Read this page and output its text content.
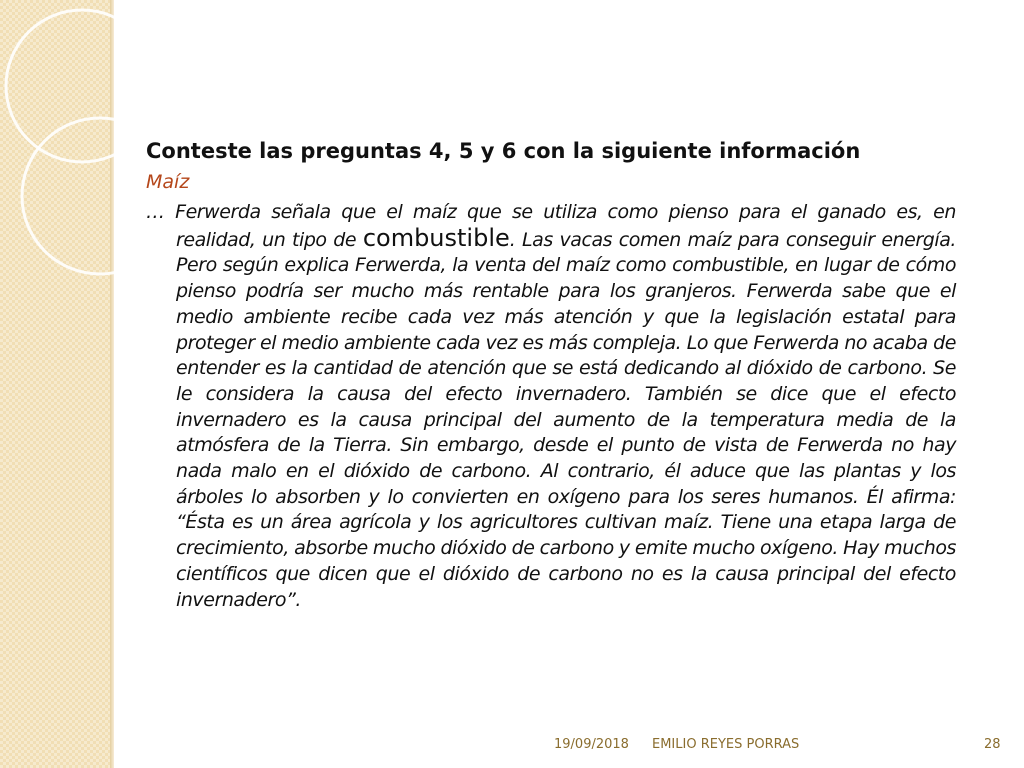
Conteste las preguntas 4, 5 y 6 con la siguiente información

Maíz

… Ferwerda señala que el maíz que se utiliza como pienso para el ganado es, en realidad, un tipo de combustible. Las vacas comen maíz para conseguir energía. Pero según explica Ferwerda, la venta del maíz como combustible, en lugar de cómo pienso podría ser mucho más rentable para los granjeros. Ferwerda sabe que el medio ambiente recibe cada vez más atención y que la legislación estatal para proteger el medio ambiente cada vez es más compleja. Lo que Ferwerda no acaba de entender es la cantidad de atención que se está dedicando al dióxido de carbono. Se le considera la causa del efecto invernadero. También se dice que el efecto invernadero es la causa principal del aumento de la temperatura media de la atmósfera de la Tierra. Sin embargo, desde el punto de vista de Ferwerda no hay nada malo en el dióxido de carbono. Al contrario, él aduce que las plantas y los árboles lo absorben y lo convierten en oxígeno para los seres humanos. Él afirma: “Ésta es un área agrícola y los agricultores cultivan maíz. Tiene una etapa larga de crecimiento, absorbe mucho dióxido de carbono y emite mucho oxígeno. Hay muchos científicos que dicen que el dióxido de carbono no es la causa principal del efecto invernadero”.

19/09/2018 EMILIO REYES PORRAS	28
